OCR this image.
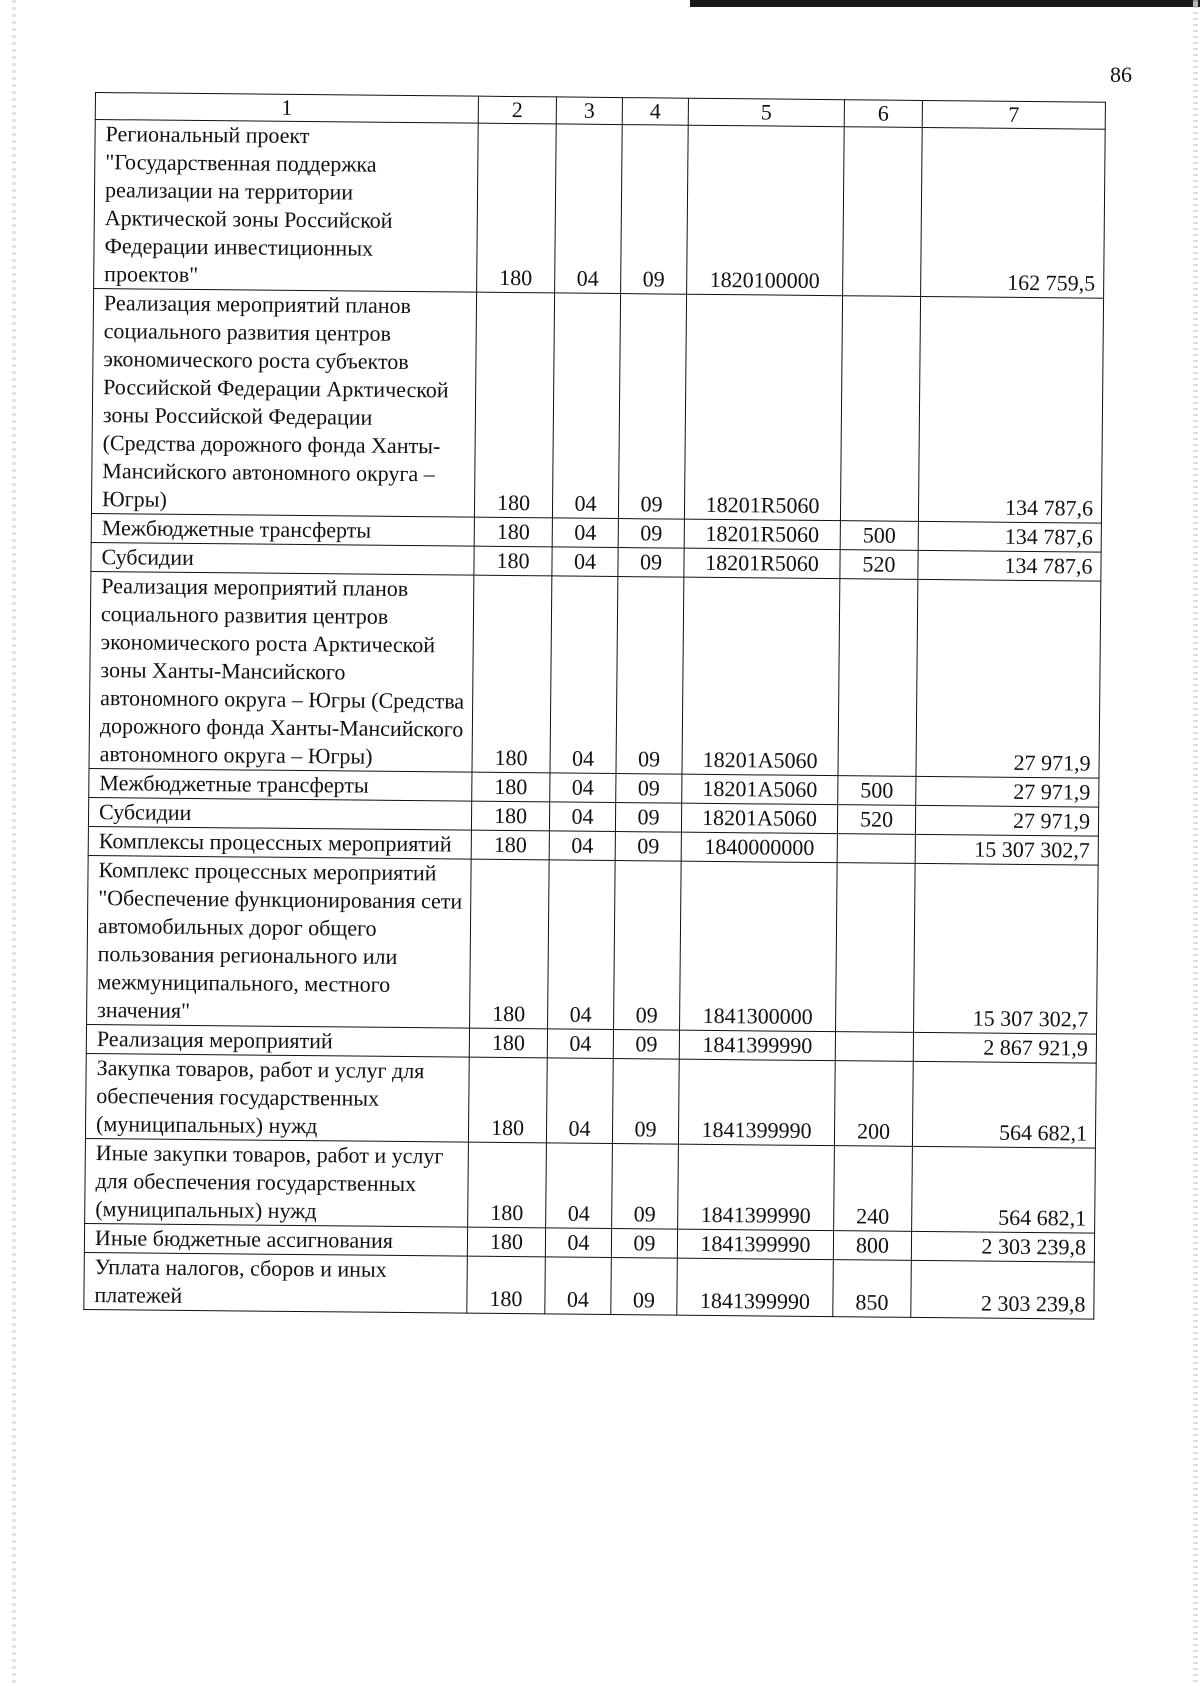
86
1	2	3	4	5	6	7
Региональный проект "Государственная поддержка реализации на территории Арктической зоны Российской Федерации инвестиционных проектов"	180	04	09	1820100000		162 759,5
Реализация мероприятий планов социального развития центров экономического роста субъектов Российской Федерации Арктической зоны Российской Федерации (Средства дорожного фонда Ханты-Мансийского автономного округа – Югры)	180	04	09	18201R5060		134 787,6
Межбюджетные трансферты	180	04	09	18201R5060	500	134 787,6
Субсидии	180	04	09	18201R5060	520	134 787,6
Реализация мероприятий планов социального развития центров экономического роста Арктической зоны Ханты-Мансийского автономного округа – Югры (Средства дорожного фонда Ханты-Мансийского автономного округа – Югры)	180	04	09	18201А5060		27 971,9
Межбюджетные трансферты	180	04	09	18201А5060	500	27 971,9
Субсидии	180	04	09	18201А5060	520	27 971,9
Комплексы процессных мероприятий	180	04	09	1840000000		15 307 302,7
Комплекс процессных мероприятий "Обеспечение функционирования сети автомобильных дорог общего пользования регионального или межмуниципального, местного значения"	180	04	09	1841300000		15 307 302,7
Реализация мероприятий	180	04	09	1841399990		2 867 921,9
Закупка товаров, работ и услуг для обеспечения государственных (муниципальных) нужд	180	04	09	1841399990	200	564 682,1
Иные закупки товаров, работ и услуг для обеспечения государственных (муниципальных) нужд	180	04	09	1841399990	240	564 682,1
Иные бюджетные ассигнования	180	04	09	1841399990	800	2 303 239,8
Уплата налогов, сборов и иных платежей	180	04	09	1841399990	850	2 303 239,8
